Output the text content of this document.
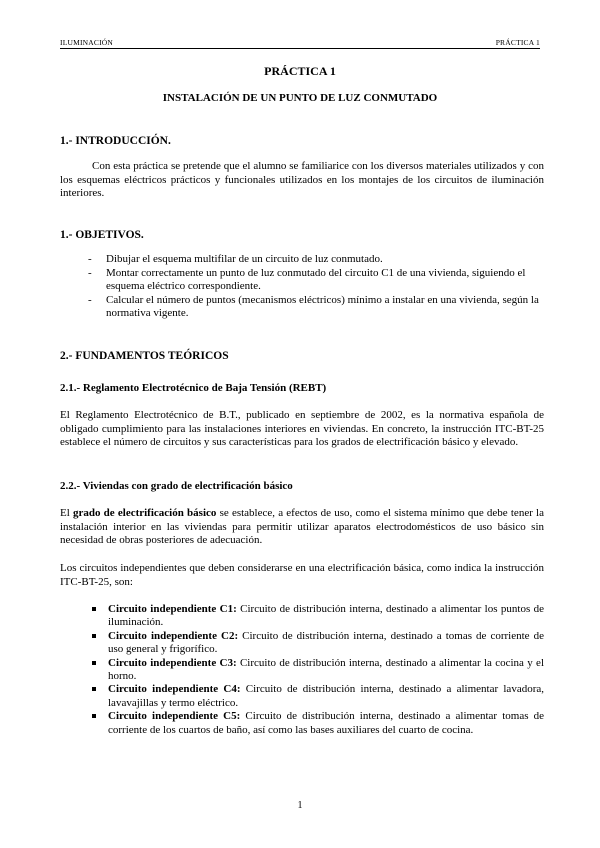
ILUMINACIÓN	PRÁCTICA 1
PRÁCTICA 1
INSTALACIÓN DE UN PUNTO DE LUZ CONMUTADO
1.- INTRODUCCIÓN.
Con esta práctica se pretende que el alumno se familiarice con los diversos materiales utilizados y con los esquemas eléctricos prácticos y funcionales utilizados en los montajes de los circuitos de iluminación interiores.
1.- OBJETIVOS.
- Dibujar el esquema multifilar de un circuito de luz conmutado.
- Montar correctamente un punto de luz conmutado del circuito C1 de una vivienda, siguiendo el esquema eléctrico correspondiente.
- Calcular el número de puntos (mecanismos eléctricos) mínimo a instalar en una vivienda, según la normativa vigente.
2.- FUNDAMENTOS TEÓRICOS
2.1.- Reglamento Electrotécnico de Baja Tensión (REBT)
El Reglamento Electrotécnico de B.T., publicado en septiembre de 2002, es la normativa española de obligado cumplimiento para las instalaciones interiores en viviendas. En concreto, la instrucción ITC-BT-25 establece el número de circuitos y sus características para los grados de electrificación básico y elevado.
2.2.- Viviendas con grado de electrificación básico
El grado de electrificación básico se establece, a efectos de uso, como el sistema mínimo que debe tener la instalación interior en las viviendas para permitir utilizar aparatos electrodomésticos de uso básico sin necesidad de obras posteriores de adecuación.
Los circuitos independientes que deben considerarse en una electrificación básica, como indica la instrucción ITC-BT-25, son:
Circuito independiente C1: Circuito de distribución interna, destinado a alimentar los puntos de iluminación.
Circuito independiente C2: Circuito de distribución interna, destinado a tomas de corriente de uso general y frigorífico.
Circuito independiente C3: Circuito de distribución interna, destinado a alimentar la cocina y el horno.
Circuito independiente C4: Circuito de distribución interna, destinado a alimentar lavadora, lavavajillas y termo eléctrico.
Circuito independiente C5: Circuito de distribución interna, destinado a alimentar tomas de corriente de los cuartos de baño, así como las bases auxiliares del cuarto de cocina.
1
